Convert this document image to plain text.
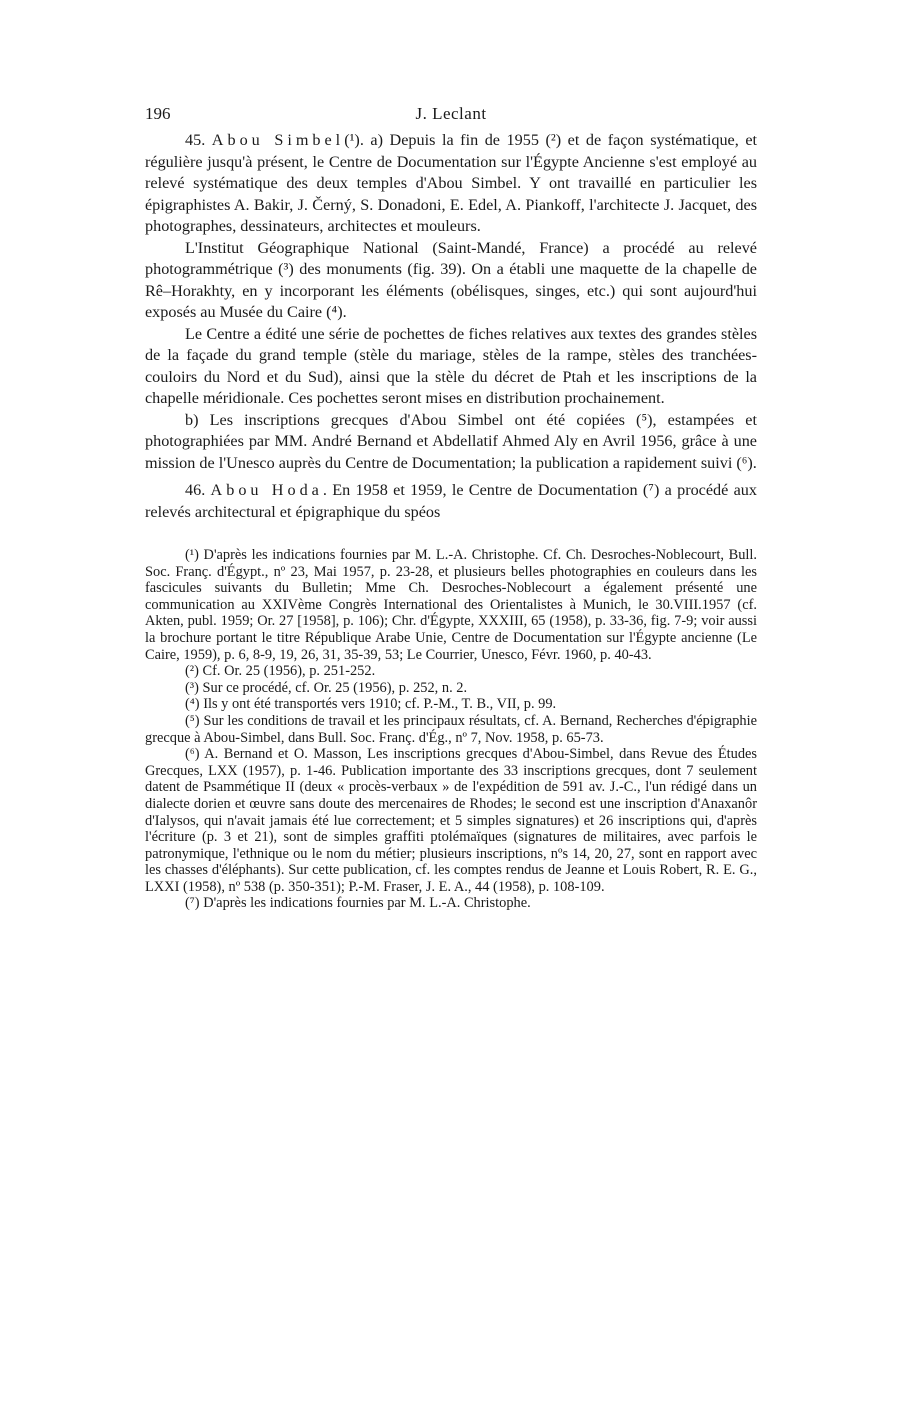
196	J. Leclant

45. Abou Simbel(¹). a) Depuis la fin de 1955 (²) et de façon systématique, et régulière jusqu'à présent, le Centre de Documentation sur l'Égypte Ancienne s'est employé au relevé systématique des deux temples d'Abou Simbel. Y ont travaillé en particulier les épigraphistes A. Bakir, J. Černý, S. Donadoni, E. Edel, A. Piankoff, l'architecte J. Jacquet, des photographes, dessinateurs, architectes et mouleurs.

L'Institut Géographique National (Saint-Mandé, France) a procédé au relevé photogrammétrique (³) des monuments (fig. 39). On a établi une maquette de la chapelle de Rê–Horakhty, en y incorporant les éléments (obélisques, singes, etc.) qui sont aujourd'hui exposés au Musée du Caire (⁴).

Le Centre a édité une série de pochettes de fiches relatives aux textes des grandes stèles de la façade du grand temple (stèle du mariage, stèles de la rampe, stèles des tranchées-couloirs du Nord et du Sud), ainsi que la stèle du décret de Ptah et les inscriptions de la chapelle méridionale. Ces pochettes seront mises en distribution prochainement.

b) Les inscriptions grecques d'Abou Simbel ont été copiées (⁵), estampées et photographiées par MM. André Bernand et Abdellatif Ahmed Aly en Avril 1956, grâce à une mission de l'Unesco auprès du Centre de Documentation; la publication a rapidement suivi (⁶).

46. Abou Hoda. En 1958 et 1959, le Centre de Documentation (⁷) a procédé aux relevés architectural et épigraphique du spéos

(¹) D'après les indications fournies par M. L.-A. Christophe. Cf. Ch. Desroches-Noblecourt, Bull. Soc. Franç. d'Égypt., nº 23, Mai 1957, p. 23-28, et plusieurs belles photographies en couleurs dans les fascicules suivants du Bulletin; Mme Ch. Desroches-Noblecourt a également présenté une communication au XXIVème Congrès International des Orientalistes à Munich, le 30.VIII.1957 (cf. Akten, publ. 1959; Or. 27 [1958], p. 106); Chr. d'Égypte, XXXIII, 65 (1958), p. 33-36, fig. 7-9; voir aussi la brochure portant le titre République Arabe Unie, Centre de Documentation sur l'Égypte ancienne (Le Caire, 1959), p. 6, 8-9, 19, 26, 31, 35-39, 53; Le Courrier, Unesco, Févr. 1960, p. 40-43.

(²) Cf. Or. 25 (1956), p. 251-252.

(³) Sur ce procédé, cf. Or. 25 (1956), p. 252, n. 2.

(⁴) Ils y ont été transportés vers 1910; cf. P.-M., T. B., VII, p. 99.

(⁵) Sur les conditions de travail et les principaux résultats, cf. A. Bernand, Recherches d'épigraphie grecque à Abou-Simbel, dans Bull. Soc. Franç. d'Ég., nº 7, Nov. 1958, p. 65-73.

(⁶) A. Bernand et O. Masson, Les inscriptions grecques d'Abou-Simbel, dans Revue des Études Grecques, LXX (1957), p. 1-46. Publication importante des 33 inscriptions grecques, dont 7 seulement datent de Psammétique II (deux « procès-verbaux » de l'expédition de 591 av. J.-C., l'un rédigé dans un dialecte dorien et œuvre sans doute des mercenaires de Rhodes; le second est une inscription d'Anaxanôr d'Ialysos, qui n'avait jamais été lue correctement; et 5 simples signatures) et 26 inscriptions qui, d'après l'écriture (p. 3 et 21), sont de simples graffiti ptolémaïques (signatures de militaires, avec parfois le patronymique, l'ethnique ou le nom du métier; plusieurs inscriptions, nºs 14, 20, 27, sont en rapport avec les chasses d'éléphants). Sur cette publication, cf. les comptes rendus de Jeanne et Louis Robert, R. E. G., LXXI (1958), nº 538 (p. 350-351); P.-M. Fraser, J. E. A., 44 (1958), p. 108-109.

(⁷) D'après les indications fournies par M. L.-A. Christophe.
